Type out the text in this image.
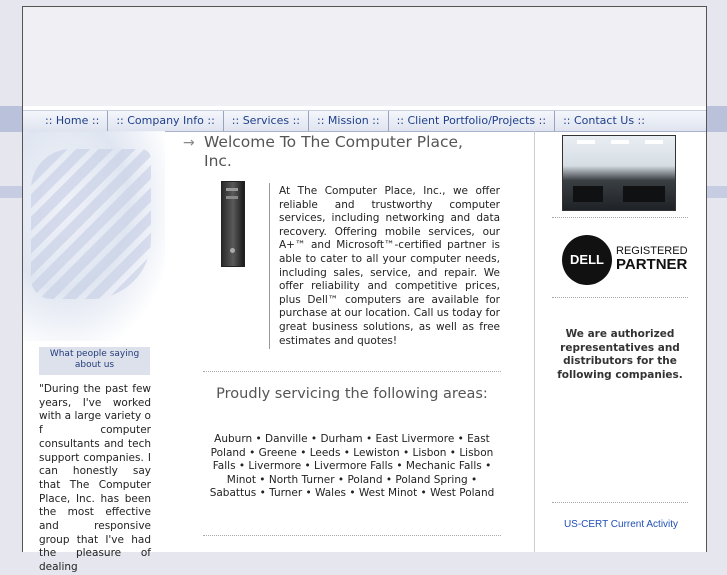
:: Home ::	:: Company Info ::	:: Services ::	:: Mission ::	:: Client Portfolio/Projects ::	:: Contact Us ::
What people saying about us
"During the past few years, I've worked with a large variety o f computer consultants and tech support companies. I can honestly say that The Computer Place, Inc. has been the most effective and responsive group that I've had the pleasure of dealing
→ Welcome To The Computer Place, Inc.
At The Computer Place, Inc., we offer reliable and trustworthy computer services, including networking and data recovery. Offering mobile services, our A+™ and Microsoft™-certified partner is able to cater to all your computer needs, including sales, service, and repair. We offer reliability and competitive prices, plus Dell™ computers are available for purchase at our location. Call us today for great business solutions, as well as free estimates and quotes!
Proudly servicing the following areas:
Auburn • Danville • Durham • East Livermore • East Poland • Greene • Leeds • Lewiston • Lisbon • Lisbon Falls • Livermore • Livermore Falls • Mechanic Falls • Minot • North Turner • Poland • Poland Spring • Sabattus • Turner • Wales • West Minot • West Poland
DELL
REGISTERED
PARTNER
We are authorized representatives and distributors for the following companies.
US-CERT Current Activity
